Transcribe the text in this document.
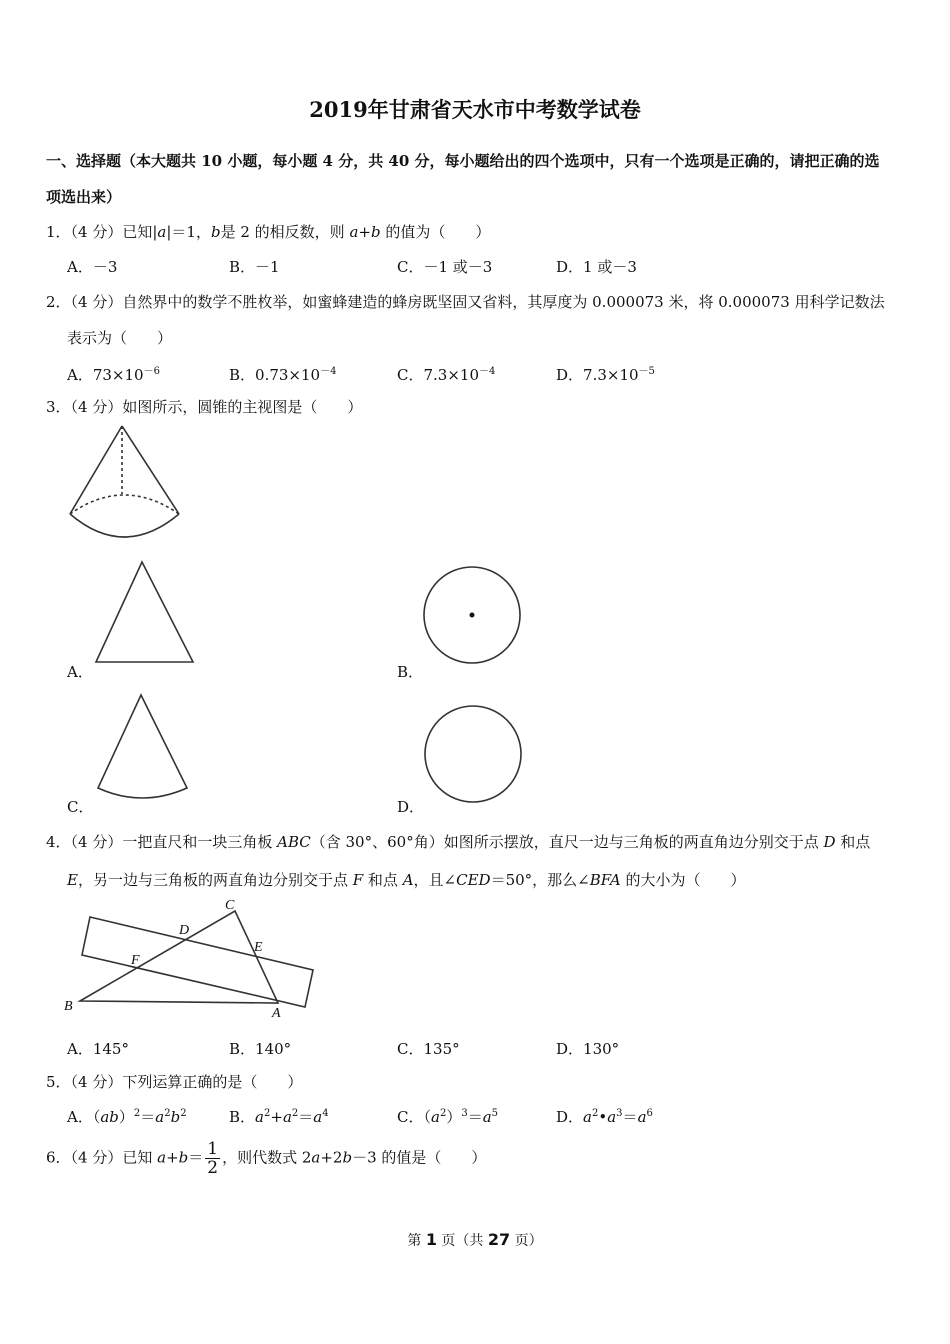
2019年甘肃省天水市中考数学试卷
一、选择题（本大题共 10 小题，每小题 4 分，共 40 分，每小题给出的四个选项中，只有一个选项是正确的，请把正确的选
项选出来）
1．（4 分）已知|a|＝1，b是 2 的相反数，则 a+b 的值为（　　）
A．－3	B．－1	C．－1 或－3	D．1 或－3
2．（4 分）自然界中的数学不胜枚举，如蜜蜂建造的蜂房既坚固又省料，其厚度为 0.000073 米，将 0.000073 用科学记数法
表示为（　　）
A．$73\times 10^{-6}$	B．$0.73\times 10^{-4}$	C．$7.3\times 10^{-4}$	D．$7.3\times 10^{-5}$
3．（4 分）如图所示，圆锥的主视图是（　　）
A．	B．
C．	D．
4．（4 分）一把直尺和一块三角板 ABC（含 30°、60°角）如图所示摆放，直尺一边与三角板的两直角边分别交于点 D 和点
E，另一边与三角板的两直角边分别交于点 F 和点 A，且∠CED＝50°，那么∠BFA 的大小为（　　）
B	A
C
D
E
F
A．145°	B．140°	C．135°	D．130°
5．（4 分）下列运算正确的是（　　）
A．$(ab)^2=a^2b^2$	B．$a^2+a^2=a^4$	C．$(a^2)^3=a^5$	D．$a^2•a^3=a^6$
6．（4 分）已知 $a+b= \frac{1}{2}$ ，则代数式 2a+2b－3 的值是（　　）
第 1 页（共 27 页）
